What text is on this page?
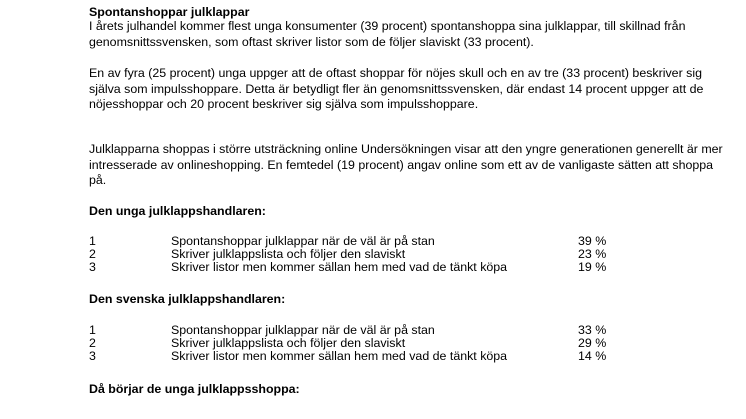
Spontanshoppar julklappar
I årets julhandel kommer flest unga konsumenter (39 procent) spontanshoppa sina julklappar, till skillnad från genomsnittssvensken, som oftast skriver listor som de följer slaviskt (33 procent).
En av fyra (25 procent) unga uppger att de oftast shoppar för nöjes skull och en av tre (33 procent) beskriver sig själva som impulsshoppare. Detta är betydligt fler än genomsnittssvensken, där endast 14 procent uppger att de nöjesshoppar och 20 procent beskriver sig själva som impulsshoppare.
Julklapparna shoppas i större utsträckning online Undersökningen visar att den yngre generationen generellt är mer intresserade av onlineshopping. En femtedel (19 procent) angav online som ett av de vanligaste sätten att shoppa på.
Den unga julklappshandlaren:
1	Spontanshoppar julklappar när de väl är på stan	39 %
2	Skriver julklappslista och följer den slaviskt	23 %
3	Skriver listor men kommer sällan hem med vad de tänkt köpa	19 %
Den svenska julklappshandlaren:
1	Spontanshoppar julklappar när de väl är på stan	33 %
2	Skriver julklappslista och följer den slaviskt	29 %
3	Skriver listor men kommer sällan hem med vad de tänkt köpa	14 %
Då börjar de unga julklappsshoppa:
